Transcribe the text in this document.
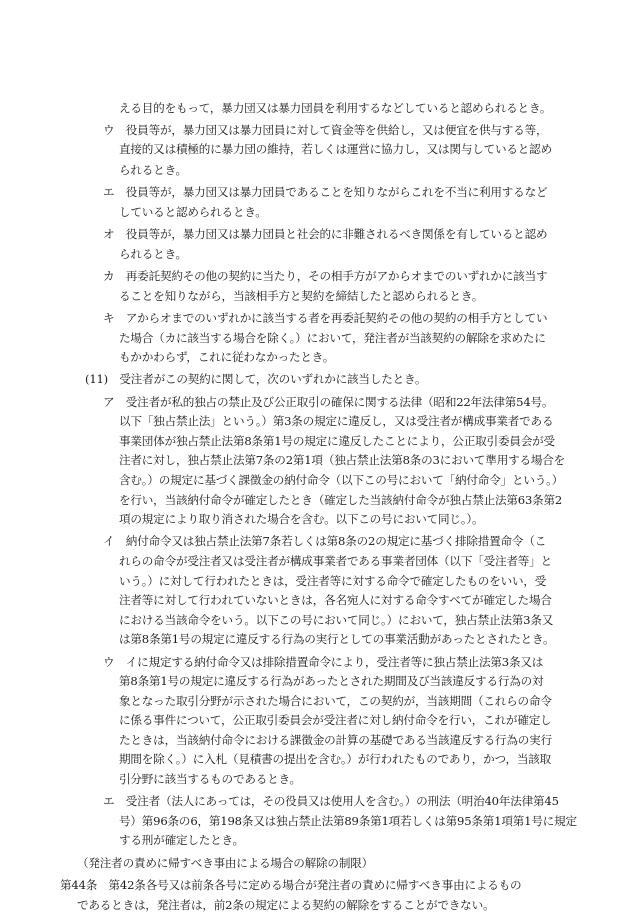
える目的をもって，暴力団又は暴力団員を利用するなどしていると認められるとき。
ウ　役員等が，暴力団又は暴力団員に対して資金等を供給し，又は便宜を供与する等，
直接的又は積極的に暴力団の維持，若しくは運営に協力し，又は関与していると認め
られるとき。
エ　役員等が，暴力団又は暴力団員であることを知りながらこれを不当に利用するなど
していると認められるとき。
オ　役員等が，暴力団又は暴力団員と社会的に非難されるべき関係を有していると認め
られるとき。
カ　再委託契約その他の契約に当たり，その相手方がアからオまでのいずれかに該当す
ることを知りながら，当該相手方と契約を締結したと認められるとき。
キ　アからオまでのいずれかに該当する者を再委託契約その他の契約の相手方としてい
た場合（カに該当する場合を除く。）において，発注者が当該契約の解除を求めたに
もかかわらず，これに従わなかったとき。
(11)　受注者がこの契約に関して，次のいずれかに該当したとき。
ア　受注者が私的独占の禁止及び公正取引の確保に関する法律（昭和22年法律第54号。
以下「独占禁止法」という。）第3条の規定に違反し，又は受注者が構成事業者である
事業団体が独占禁止法第8条第1号の規定に違反したことにより，公正取引委員会が受
注者に対し，独占禁止法第7条の2第1項（独占禁止法第8条の3において準用する場合を
含む。）の規定に基づく課徴金の納付命令（以下この号において「納付命令」という。）
を行い，当該納付命令が確定したとき（確定した当該納付命令が独占禁止法第63条第2
項の規定により取り消された場合を含む。以下この号において同じ。）。
イ　納付命令又は独占禁止法第7条若しくは第8条の2の規定に基づく排除措置命令（こ
れらの命令が受注者又は受注者が構成事業者である事業者団体（以下「受注者等」と
いう。）に対して行われたときは，受注者等に対する命令で確定したものをいい，受
注者等に対して行われていないときは，各名宛人に対する命令すべてが確定した場合
における当該命令をいう。以下この号において同じ。）において，独占禁止法第3条又
は第8条第1号の規定に違反する行為の実行としての事業活動があったとされたとき。
ウ　イに規定する納付命令又は排除措置命令により，受注者等に独占禁止法第3条又は
第8条第1号の規定に違反する行為があったとされた期間及び当該違反する行為の対
象となった取引分野が示された場合において，この契約が，当該期間（これらの命令
に係る事件について，公正取引委員会が受注者に対し納付命令を行い，これが確定し
たときは，当該納付命令における課徴金の計算の基礎である当該違反する行為の実行
期間を除く。）に入札（見積書の提出を含む。）が行われたものであり，かつ，当該取
引分野に該当するものであるとき。
エ　受注者（法人にあっては，その役員又は使用人を含む。）の刑法（明治40年法律第45
号）第96条の6，第198条又は独占禁止法第89条第1項若しくは第95条第1項第1号に規定
する刑が確定したとき。
（発注者の責めに帰すべき事由による場合の解除の制限）
第44条　第42条各号又は前条各号に定める場合が発注者の責めに帰すべき事由によるもの
であるときは，発注者は，前2条の規定による契約の解除をすることができない。
